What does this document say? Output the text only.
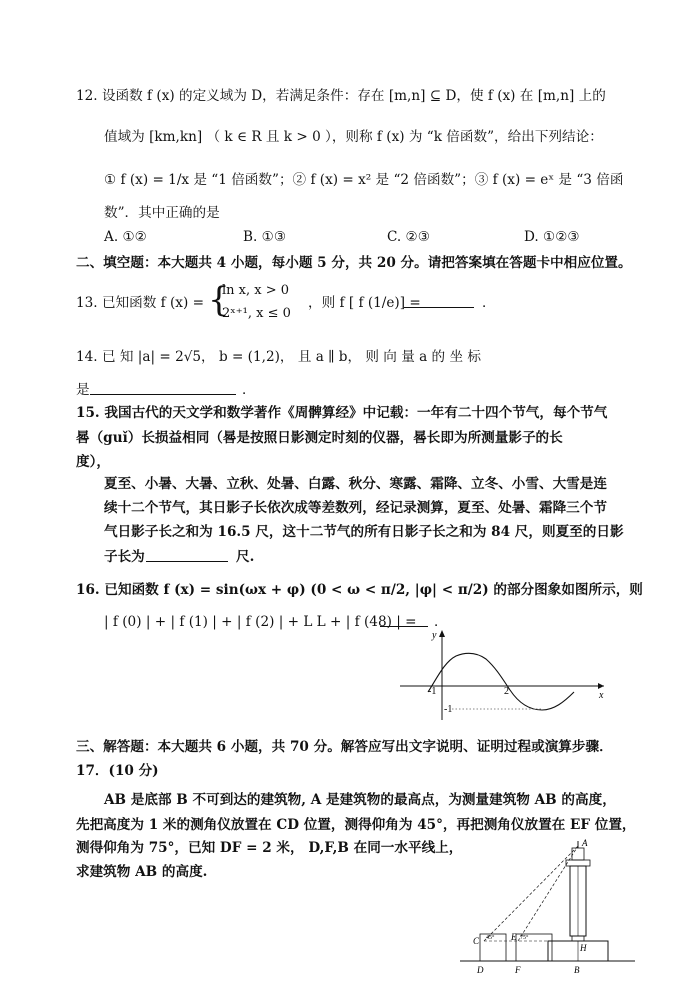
12. 设函数 f (x) 的定义域为 D，若满足条件：存在 [m,n] ⊆ D，使 f (x) 在 [m,n] 上的
值域为 [km,kn] （ k ∈ R 且 k > 0 ），则称 f (x) 为 “k 倍函数”，给出下列结论：
① f (x) = 1/x 是 “1 倍函数”；② f (x) = x² 是 “2 倍函数”；③ f (x) = eˣ 是 “3 倍函
数”．其中正确的是
A. ①②	B. ①③	C. ②③	D. ①②③
二、填空题：本大题共 4 小题，每小题 5 分，共 20 分。请把答案填在答题卡中相应位置。
13. 已知函数 f (x) = {
ln x, x > 0
2ˣ⁺¹, x ≤ 0
，则 f [ f (1/e)] =	．
14. 已 知 |a| = 2√5， b = (1,2)， 且 a ∥ b， 则 向 量 a 的 坐 标
是	．
15. 我国古代的天文学和数学著作《周髀算经》中记载：一年有二十四个节气，每个节气
晷（guǐ）长损益相同（晷是按照日影测定时刻的仪器，晷长即为所测量影子的长
度），
夏至、小暑、大暑、立秋、处暑、白露、秋分、寒露、霜降、立冬、小雪、大雪是连
续十二个节气，其日影子长依次成等差数列，经记录测算，夏至、处暑、霜降三个节
气日影子长之和为 16.5 尺，这十二节气的所有日影子长之和为 84 尺，则夏至的日影
子长为	尺.
16. 已知函数 f (x) = sin(ωx + φ) (0 < ω < π/2, |φ| < π/2) 的部分图象如图所示，则
| f (0) | + | f (1) | + | f (2) | + L L + | f (48) | = ．
y
x
-1	2
-1
三、解答题：本大题共 6 小题，共 70 分。解答应写出文字说明、证明过程或演算步骤．
17．(10 分)
AB 是底部 B 不可到达的建筑物, A 是建筑物的最高点，为测量建筑物 AB 的高度，
先把高度为 1 米的测角仪放置在 CD 位置，测得仰角为 45°，再把测角仪放置在 EF 位置，
测得仰角为 75°，已知 DF = 2 米， D,F,B 在同一水平线上，
求建筑物 AB 的高度.
A
C 45° E 75°
H
D	F	B
